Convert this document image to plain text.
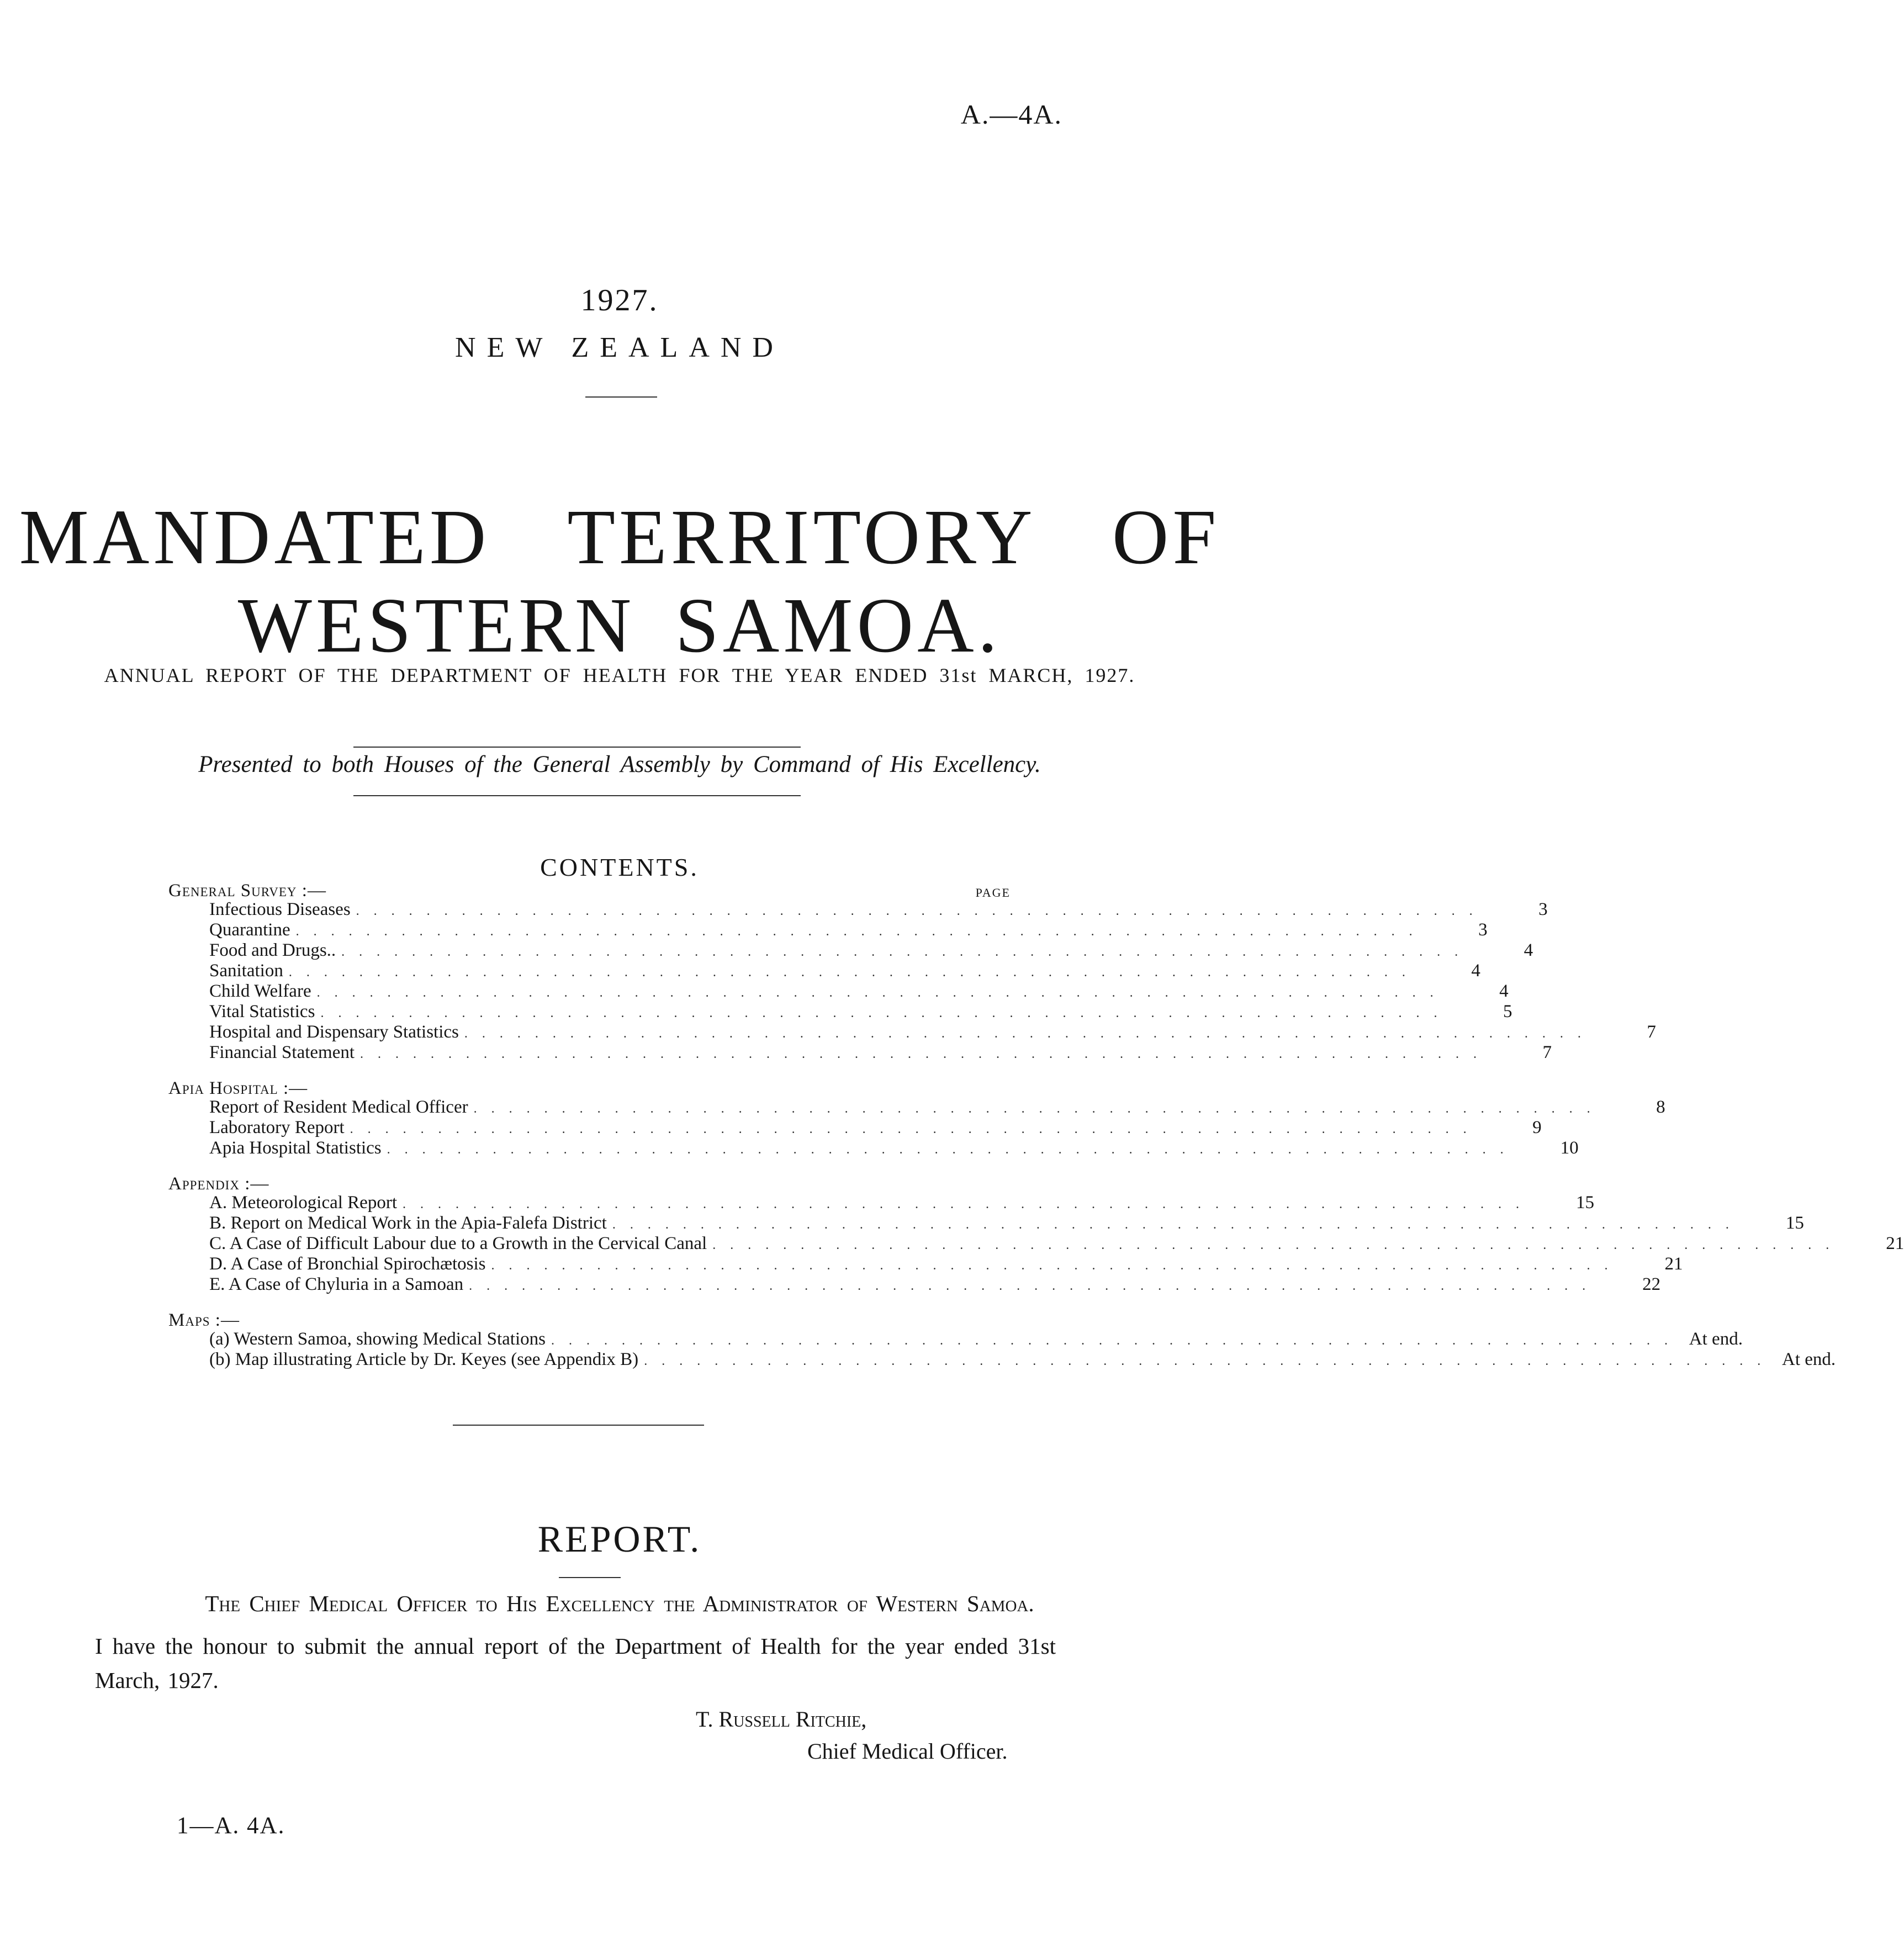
A.—4A.
1927.
NEW ZEALAND
MANDATED TERRITORY OF
WESTERN SAMOA.
ANNUAL REPORT OF THE DEPARTMENT OF HEALTH FOR THE YEAR ENDED 31st MARCH, 1927.
Presented to both Houses of the General Assembly by Command of His Excellency.
CONTENTS.
General Survey :—	PAGE
Infectious Diseases ................................................................	3
Quarantine ................................................................	3
Food and Drugs.. ................................................................	4
Sanitation ................................................................	4
Child Welfare ................................................................	4
Vital Statistics ................................................................	5
Hospital and Dispensary Statistics ................................................................	7
Financial Statement ................................................................	7
Apia Hospital :—
Report of Resident Medical Officer ................................................................	8
Laboratory Report ................................................................	9
Apia Hospital Statistics ................................................................	10
Appendix :—
A. Meteorological Report ................................................................	15
B. Report on Medical Work in the Apia-Falefa District ................................................................	15
C. A Case of Difficult Labour due to a Growth in the Cervical Canal ................................................................	21
D. A Case of Bronchial Spirochætosis ................................................................	21
E. A Case of Chyluria in a Samoan ................................................................	22
Maps :—
(a) Western Samoa, showing Medical Stations ................................................................ At end.
(b) Map illustrating Article by Dr. Keyes (see Appendix B) ................................................................ At end.
REPORT.
The Chief Medical Officer to His Excellency the Administrator of Western Samoa.
I have the honour to submit the annual report of the Department of Health for the year ended 31st March, 1927.
T. Russell Ritchie,
Chief Medical Officer.
1—A. 4A.
